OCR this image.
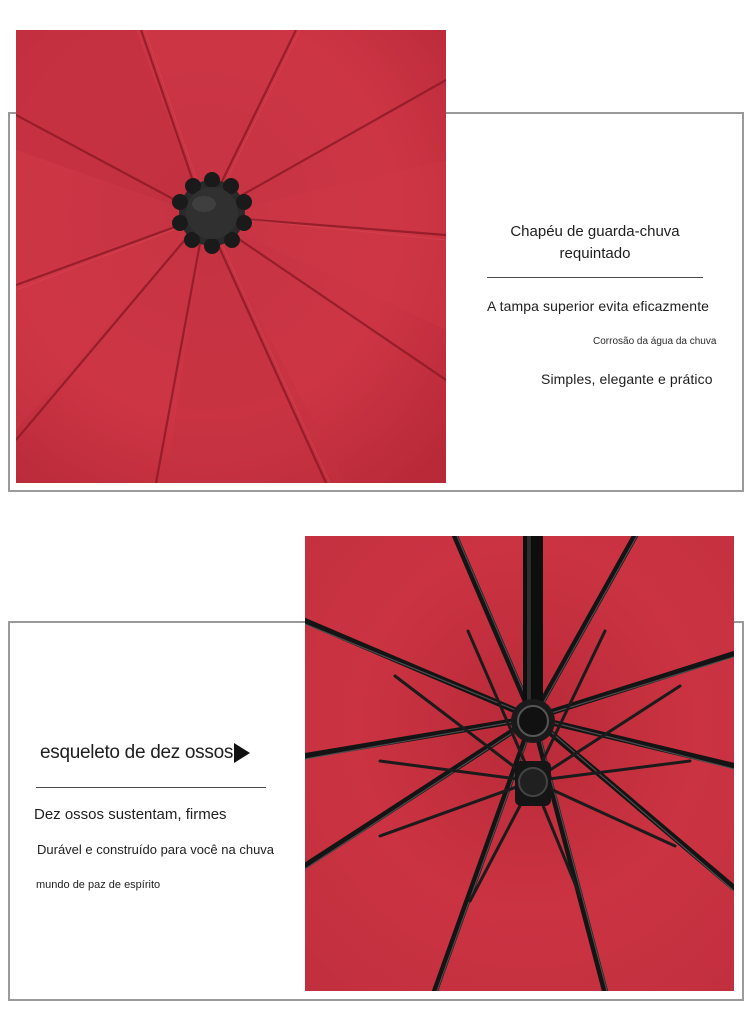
Chapéu de guarda-chuva
requintado
A tampa superior evita eficazmente
Corrosão da água da chuva
Simples, elegante e prático
esqueleto de dez ossos
Dez ossos sustentam, firmes
Durável e construído para você na chuva
mundo de paz de espírito
